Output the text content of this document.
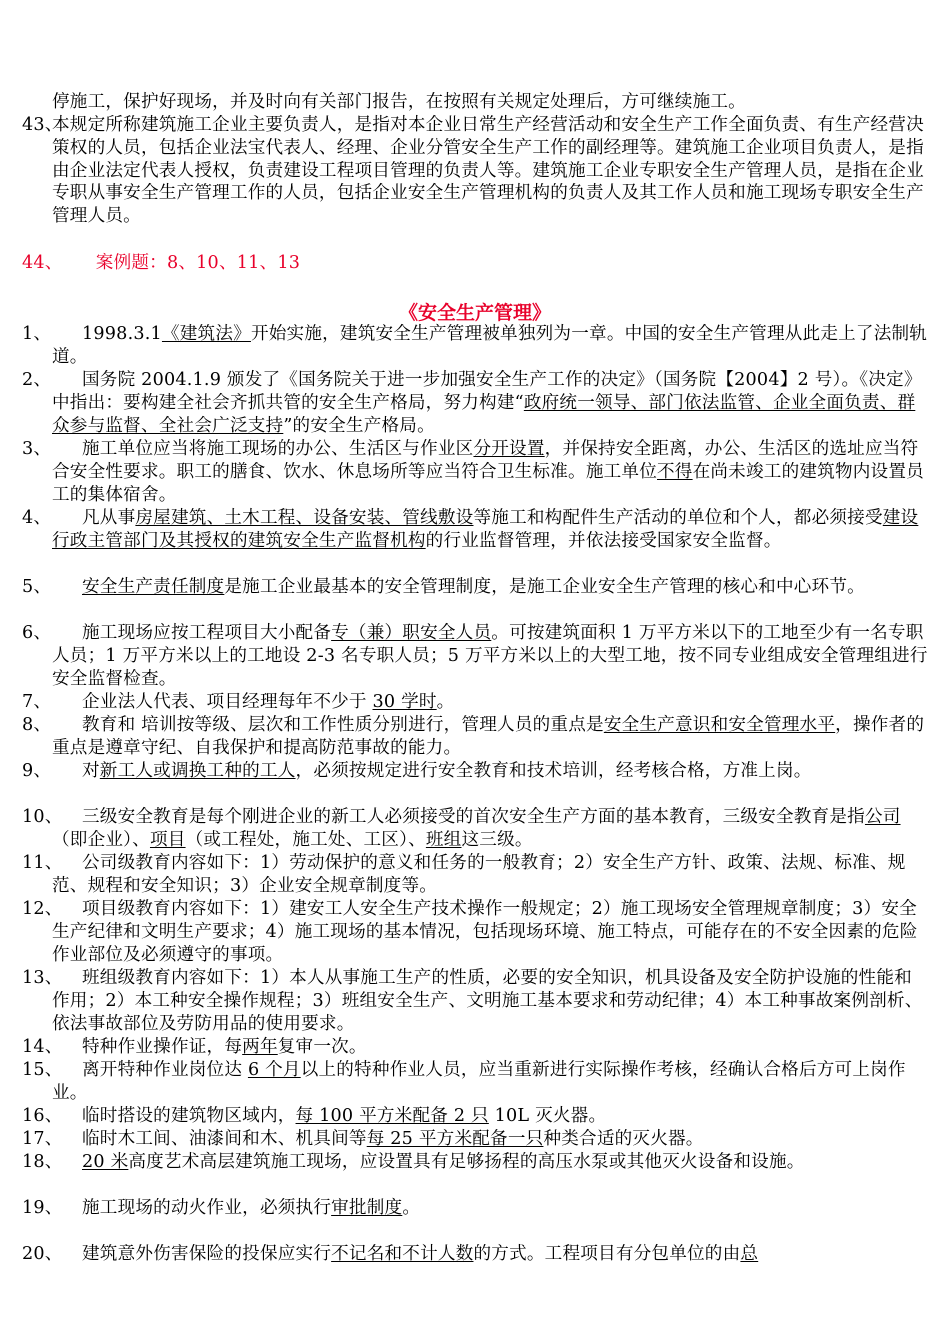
停施工，保护好现场，并及时向有关部门报告，在按照有关规定处理后，方可继续施工。
43、
本规定所称建筑施工企业主要负责人，是指对本企业日常生产经营活动和安全生产工作全面负责、有生产经营决策权的人员，包括企业法宝代表人、经理、企业分管安全生产工作的副经理等。建筑施工企业项目负责人，是指由企业法定代表人授权，负责建设工程项目管理的负责人等。建筑施工企业专职安全生产管理人员，是指在企业专职从事安全生产管理工作的人员，包括企业安全生产管理机构的负责人及其工作人员和施工现场专职安全生产管理人员。
44、 案例题：8、10、11、13
《安全生产管理》
1、	1998.3.1《建筑法》开始实施，建筑安全生产管理被单独列为一章。中国的安全生产管理从此走上了法制轨道。
2、	国务院 2004.1.9 颁发了《国务院关于进一步加强安全生产工作的决定》（国务院【2004】2 号）。《决定》中指出：要构建全社会齐抓共管的安全生产格局，努力构建“政府统一领导、部门依法监管、企业全面负责、群众参与监督、全社会广泛支持”的安全生产格局。
3、	施工单位应当将施工现场的办公、生活区与作业区分开设置，并保持安全距离，办公、生活区的选址应当符合安全性要求。职工的膳食、饮水、休息场所等应当符合卫生标准。施工单位不得在尚未竣工的建筑物内设置员工的集体宿舍。
4、	凡从事房屋建筑、土木工程、设备安装、管线敷设等施工和构配件生产活动的单位和个人，都必须接受建设行政主管部门及其授权的建筑安全生产监督机构的行业监督管理，并依法接受国家安全监督。
5、	安全生产责任制度是施工企业最基本的安全管理制度，是施工企业安全生产管理的核心和中心环节。
6、	施工现场应按工程项目大小配备专（兼）职安全人员。可按建筑面积 1 万平方米以下的工地至少有一名专职人员；1 万平方米以上的工地设 2-3 名专职人员；5 万平方米以上的大型工地，按不同专业组成安全管理组进行安全监督检查。
7、	企业法人代表、项目经理每年不少于 30 学时。
8、	教育和 培训按等级、层次和工作性质分别进行，管理人员的重点是安全生产意识和安全管理水平，操作者的重点是遵章守纪、自我保护和提高防范事故的能力。
9、	对新工人或调换工种的工人，必须按规定进行安全教育和技术培训，经考核合格，方准上岗。
10、	三级安全教育是每个刚进企业的新工人必须接受的首次安全生产方面的基本教育，三级安全教育是指公司（即企业）、项目（或工程处，施工处、工区）、班组这三级。
11、	公司级教育内容如下：1）劳动保护的意义和任务的一般教育；2）安全生产方针、政策、法规、标准、规范、规程和安全知识；3）企业安全规章制度等。
12、	项目级教育内容如下：1）建安工人安全生产技术操作一般规定；2）施工现场安全管理规章制度；3）安全生产纪律和文明生产要求；4）施工现场的基本情况，包括现场环境、施工特点，可能存在的不安全因素的危险作业部位及必须遵守的事项。
13、	班组级教育内容如下：1）本人从事施工生产的性质，必要的安全知识，机具设备及安全防护设施的性能和作用；2）本工种安全操作规程；3）班组安全生产、文明施工基本要求和劳动纪律；4）本工种事故案例剖析、依法事故部位及劳防用品的使用要求。
14、	特种作业操作证，每两年复审一次。
15、	离开特种作业岗位达 6 个月以上的特种作业人员，应当重新进行实际操作考核，经确认合格后方可上岗作业。
16、	临时搭设的建筑物区域内，每 100 平方米配备 2 只 10L 灭火器。
17、	临时木工间、油漆间和木、机具间等每 25 平方米配备一只种类合适的灭火器。
18、	20 米高度艺术高层建筑施工现场，应设置具有足够扬程的高压水泵或其他灭火设备和设施。
19、	施工现场的动火作业，必须执行审批制度。
20、	建筑意外伤害保险的投保应实行不记名和不计人数的方式。工程项目有分包单位的由总
